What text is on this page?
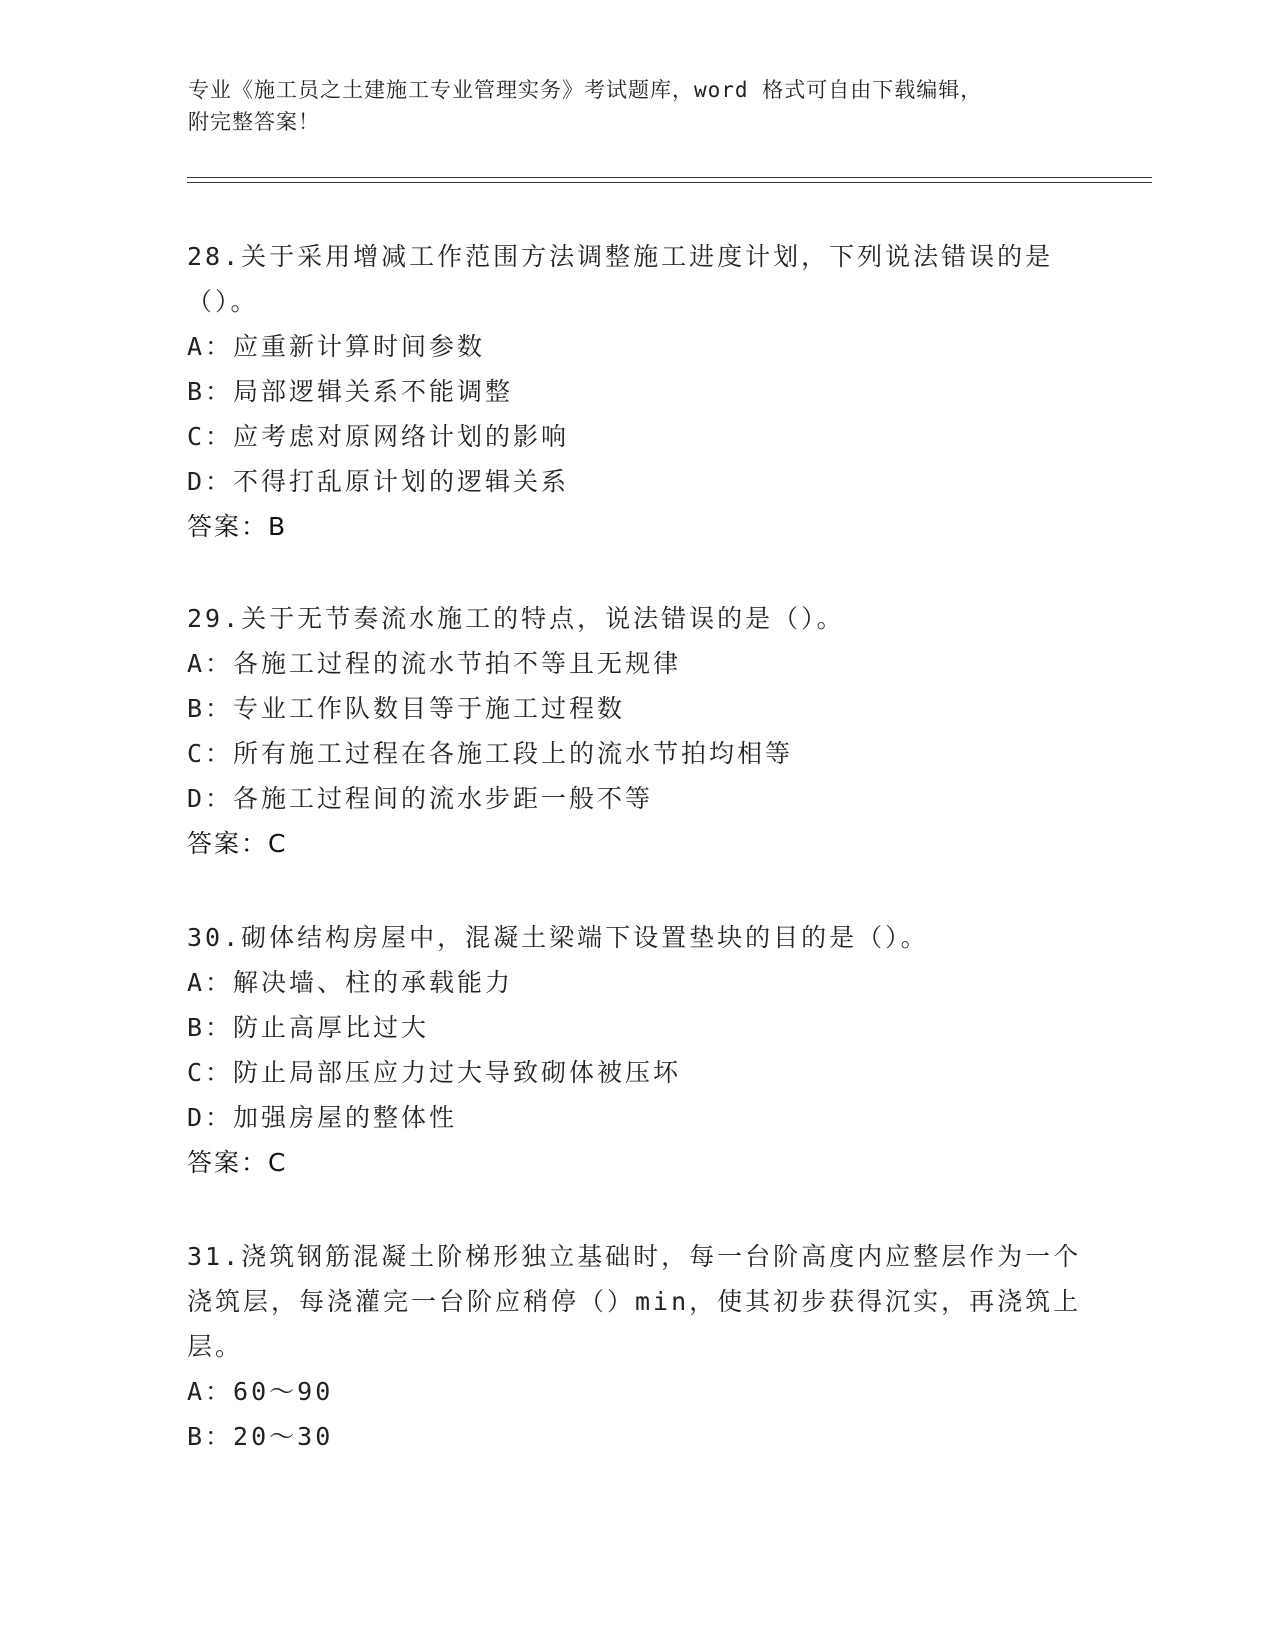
专业《施工员之土建施工专业管理实务》考试题库，word 格式可自由下载编辑，
附完整答案！

28.关于采用增减工作范围方法调整施工进度计划，下列说法错误的是（）。

A：应重新计算时间参数

B：局部逻辑关系不能调整

C：应考虑对原网络计划的影响

D：不得打乱原计划的逻辑关系

答案：B

29.关于无节奏流水施工的特点，说法错误的是（）。

A：各施工过程的流水节拍不等且无规律

B：专业工作队数目等于施工过程数

C：所有施工过程在各施工段上的流水节拍均相等

D：各施工过程间的流水步距一般不等

答案：C

30.砌体结构房屋中，混凝土梁端下设置垫块的目的是（）。

A：解决墙、柱的承载能力

B：防止高厚比过大

C：防止局部压应力过大导致砌体被压坏

D：加强房屋的整体性

答案：C

31.浇筑钢筋混凝土阶梯形独立基础时，每一台阶高度内应整层作为一个浇筑层，每浇灌完一台阶应稍停（）min，使其初步获得沉实，再浇筑上层。

A：60～90

B：20～30
